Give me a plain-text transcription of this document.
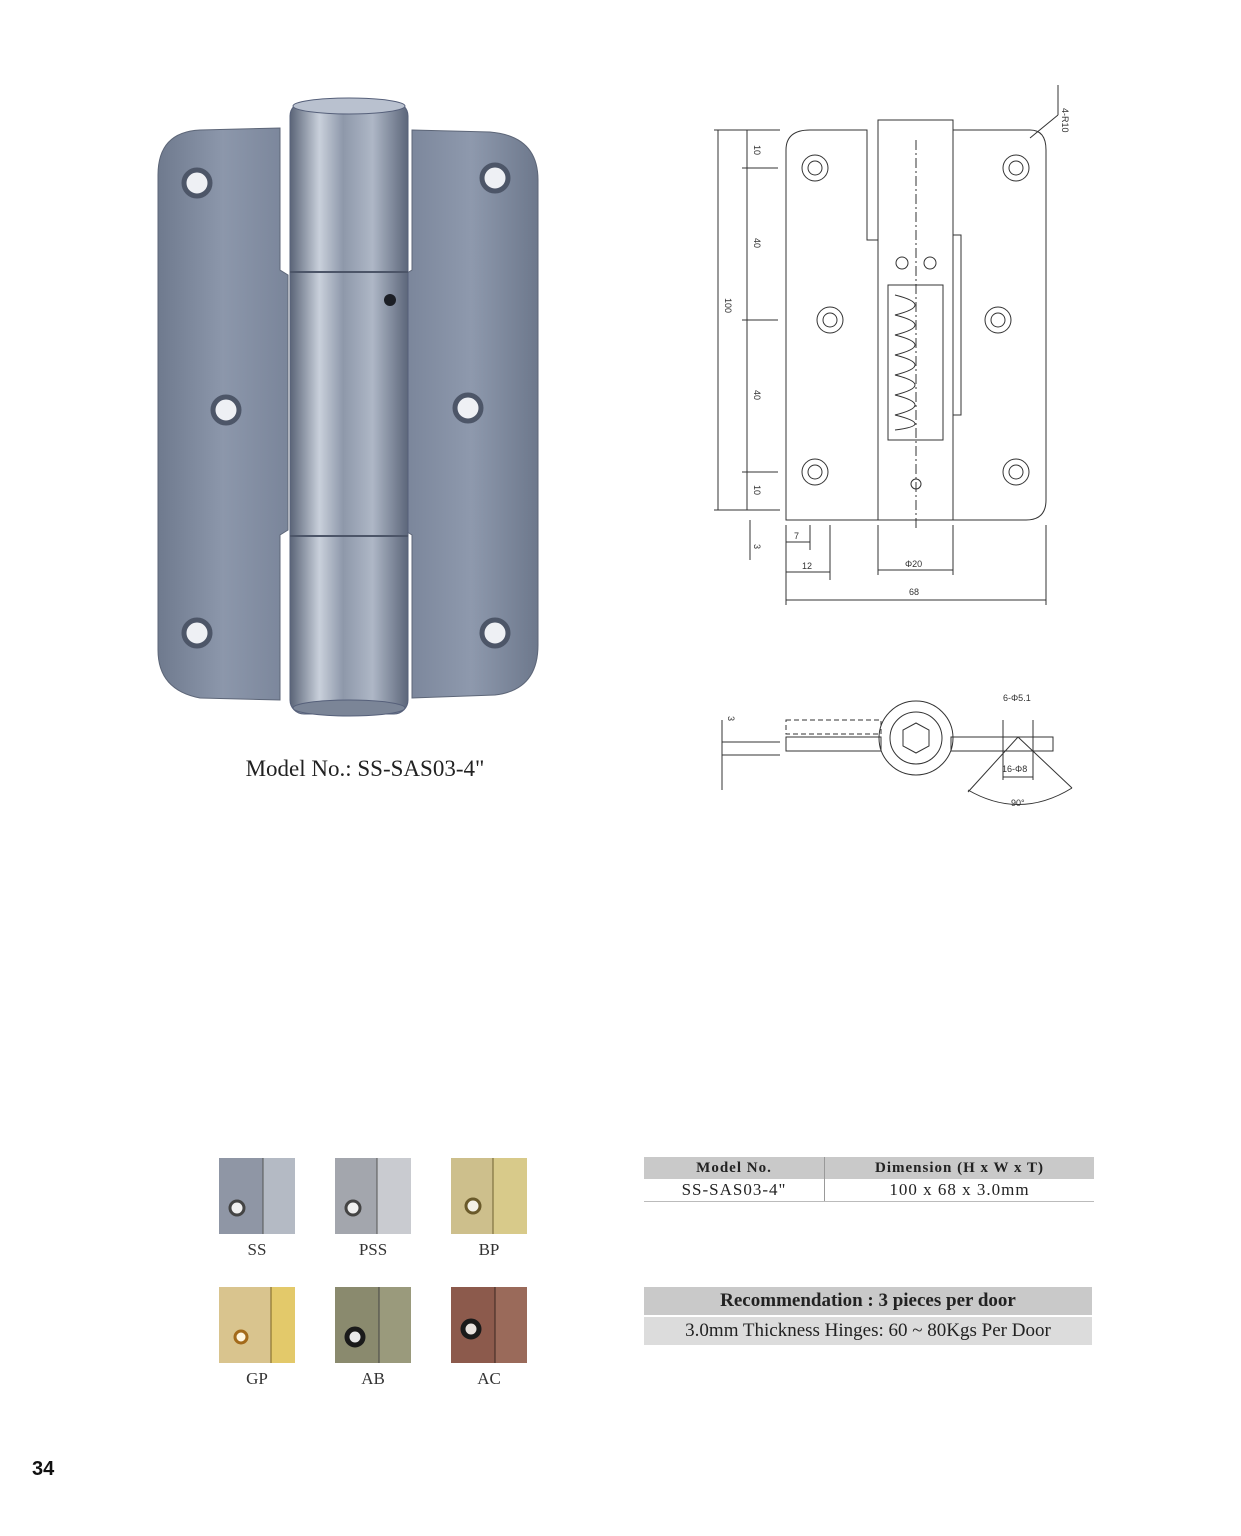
Model No.: SS-SAS03-4"
4-R10
10
40
100
40
10
7
3
12	Φ20
68
3
6-Φ5.1
16-Φ8
90°
SS	PSS	BP
GP	AB	AC
Model No.	Dimension (H x W x T)
SS-SAS03-4"	100 x 68 x 3.0mm
Recommendation : 3 pieces per door
3.0mm Thickness Hinges: 60 ~ 80Kgs Per Door
34
